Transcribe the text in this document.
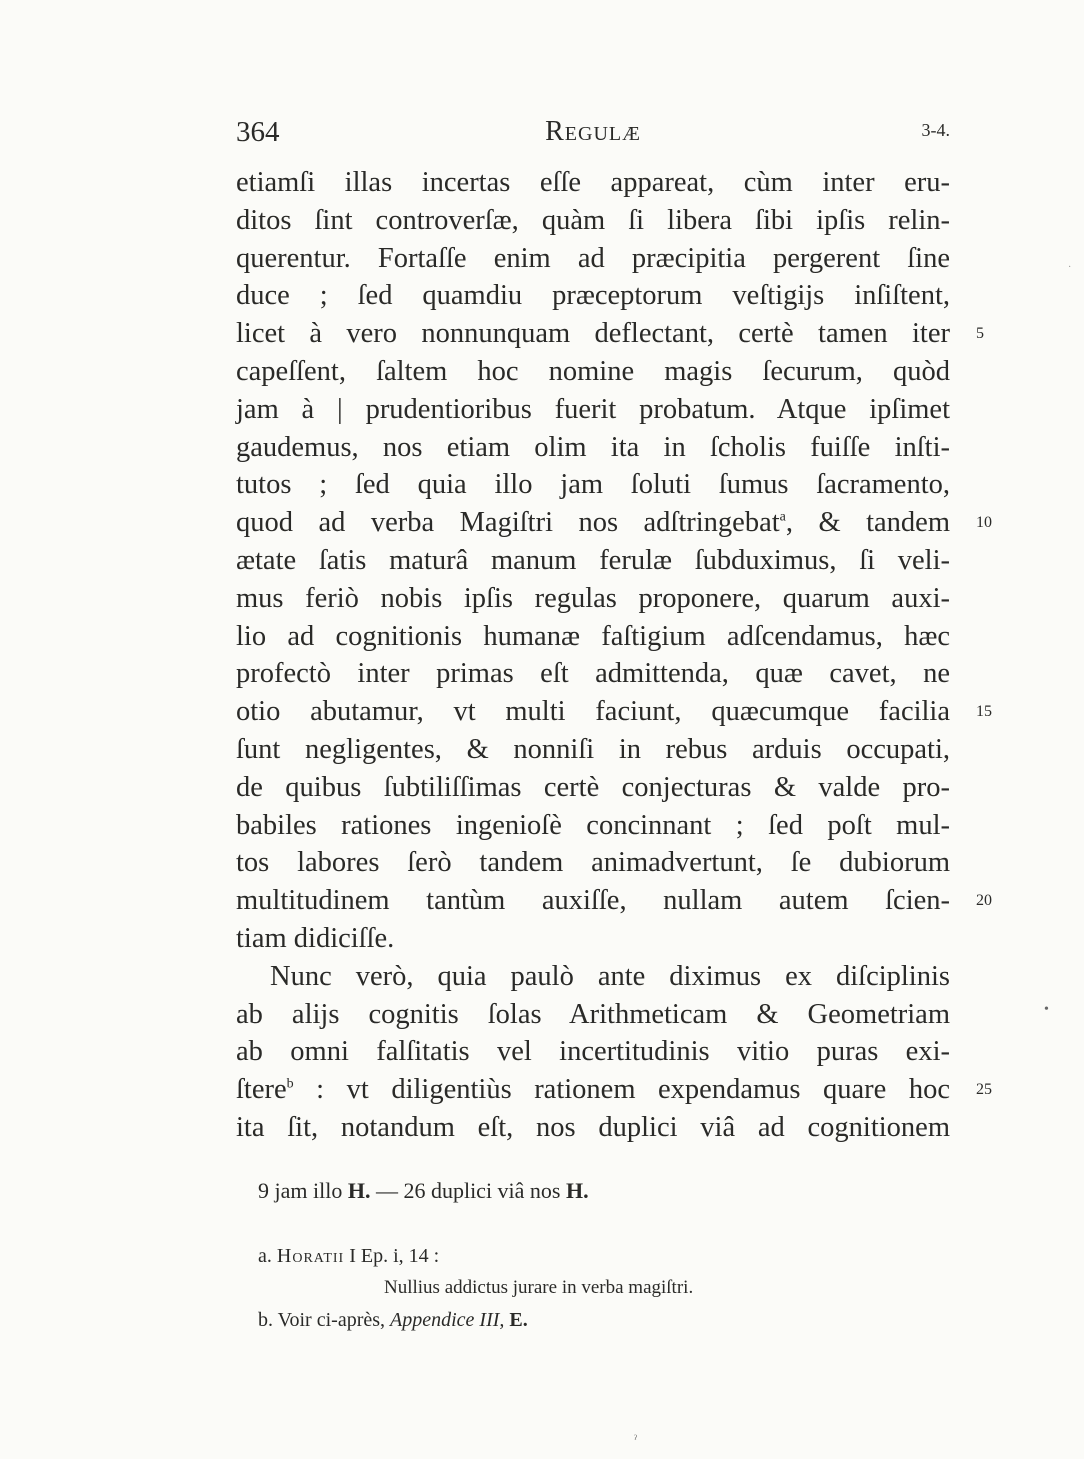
364	Regulæ	3-4.
etiamſi illas incertas eſſe appareat, cùm inter eru-
ditos ſint controverſæ, quàm ſi libera ſibi ipſis relin-
querentur. Fortaſſe enim ad præcipitia pergerent ſine
duce ; ſed quamdiu præceptorum veſtigijs inſiſtent,
licet à vero nonnunquam deflectant, certè tamen iter 5
capeſſent, ſaltem hoc nomine magis ſecurum, quòd
jam à | prudentioribus fuerit probatum. Atque ipſimet
gaudemus, nos etiam olim ita in ſcholis fuiſſe inſti-
tutos ; ſed quia illo jam ſoluti ſumus ſacramento,
quod ad verba Magiſtri nos adſtringebat$^a$, & tandem 10
ætate ſatis maturâ manum ferulæ ſubduximus, ſi veli-
mus feriò nobis ipſis regulas proponere, quarum auxi-
lio ad cognitionis humanæ faſtigium adſcendamus, hæc
profectò inter primas eſt admittenda, quæ cavet, ne
otio abutamur, vt multi faciunt, quæcumque facilia 15
ſunt negligentes, & nonniſi in rebus arduis occupati,
de quibus ſubtiliſſimas certè conjecturas & valde pro-
babiles rationes ingenioſè concinnant ; ſed poſt mul-
tos labores ſerò tandem animadvertunt, ſe dubiorum
multitudinem tantùm auxiſſe, nullam autem ſcien- 20
tiam didiciſſe.
Nunc verò, quia paulò ante diximus ex diſciplinis
ab alijs cognitis ſolas Arithmeticam & Geometriam
ab omni falſitatis vel incertitudinis vitio puras exi-
ſtere$^b$ : vt diligentiùs rationem expendamus quare hoc 25
ita ſit, notandum eſt, nos duplici viâ ad cognitionem
9 jam illo H. — 26 duplici viâ nos H.
a. Horatii I Ep. i, 14 :
Nullius addictus jurare in verba magiſtri.
b. Voir ci-après, Appendice III, E.
·
•
ˀ
